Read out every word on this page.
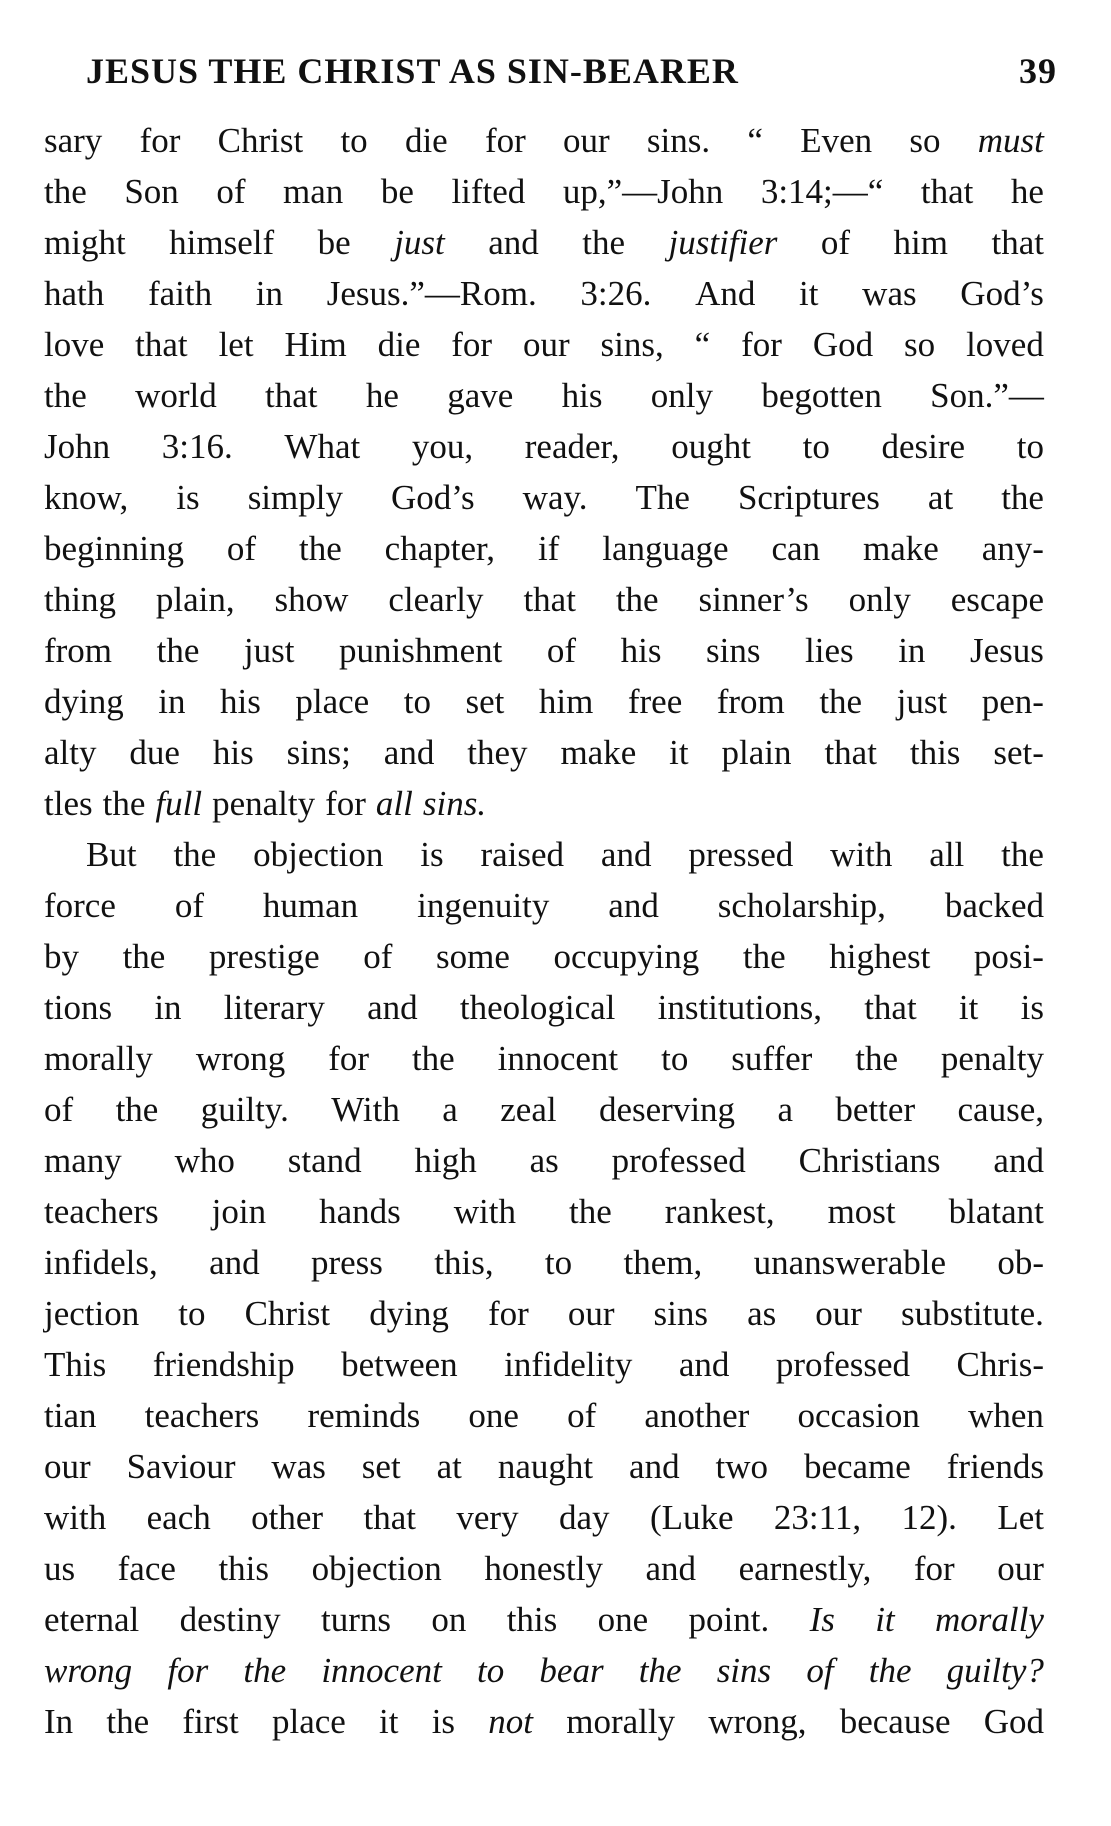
JESUS THE CHRIST AS SIN-BEARER	39
sary for Christ to die for our sins. “ Even so must
the Son of man be lifted up,”—John 3:14;—“ that he
might himself be just and the justifier of him that
hath faith in Jesus.”—Rom. 3:26. And it was God’s
love that let Him die for our sins, “ for God so loved
the world that he gave his only begotten Son.”—
John 3:16. What you, reader, ought to desire to
know, is simply God’s way. The Scriptures at the
beginning of the chapter, if language can make any-
thing plain, show clearly that the sinner’s only escape
from the just punishment of his sins lies in Jesus
dying in his place to set him free from the just pen-
alty due his sins; and they make it plain that this set-
tles the full penalty for all sins.
But the objection is raised and pressed with all the
force of human ingenuity and scholarship, backed
by the prestige of some occupying the highest posi-
tions in literary and theological institutions, that it is
morally wrong for the innocent to suffer the penalty
of the guilty. With a zeal deserving a better cause,
many who stand high as professed Christians and
teachers join hands with the rankest, most blatant
infidels, and press this, to them, unanswerable ob-
jection to Christ dying for our sins as our substitute.
This friendship between infidelity and professed Chris-
tian teachers reminds one of another occasion when
our Saviour was set at naught and two became friends
with each other that very day (Luke 23:11, 12). Let
us face this objection honestly and earnestly, for our
eternal destiny turns on this one point. Is it morally
wrong for the innocent to bear the sins of the guilty?
In the first place it is not morally wrong, because God
